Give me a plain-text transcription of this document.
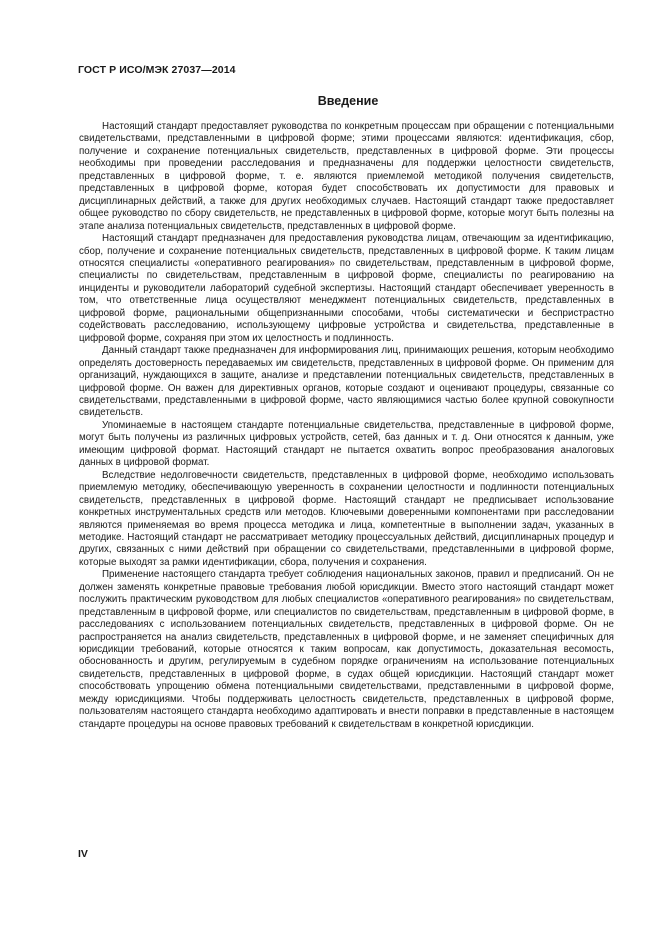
ГОСТ Р ИСО/МЭК 27037—2014
Введение

Настоящий стандарт предоставляет руководства по конкретным процессам при обращении с потенциальными свидетельствами, представленными в цифровой форме; этими процессами являются: идентификация, сбор, получение и сохранение потенциальных свидетельств, представленных в цифровой форме. Эти процессы необходимы при проведении расследования и предназначены для поддержки целостности свидетельств, представленных в цифровой форме, т. е. являются приемлемой методикой получения свидетельств, представленных в цифровой форме, которая будет способствовать их допустимости для правовых и дисциплинарных действий, а также для других необходимых случаев. Настоящий стандарт также предоставляет общее руководство по сбору свидетельств, не представленных в цифровой форме, которые могут быть полезны на этапе анализа потенциальных свидетельств, представленных в цифровой форме.

Настоящий стандарт предназначен для предоставления руководства лицам, отвечающим за идентификацию, сбор, получение и сохранение потенциальных свидетельств, представленных в цифровой форме. К таким лицам относятся специалисты «оперативного реагирования» по свидетельствам, представленным в цифровой форме, специалисты по свидетельствам, представленным в цифровой форме, специалисты по реагированию на инциденты и руководители лабораторий судебной экспертизы. Настоящий стандарт обеспечивает уверенность в том, что ответственные лица осуществляют менеджмент потенциальных свидетельств, представленных в цифровой форме, рациональными общепризнанными способами, чтобы систематически и беспристрастно содействовать расследованию, использующему цифровые устройства и свидетельства, представленные в цифровой форме, сохраняя при этом их целостность и подлинность.

Данный стандарт также предназначен для информирования лиц, принимающих решения, которым необходимо определять достоверность передаваемых им свидетельств, представленных в цифровой форме. Он применим для организаций, нуждающихся в защите, анализе и представлении потенциальных свидетельств, представленных в цифровой форме. Он важен для директивных органов, которые создают и оценивают процедуры, связанные со свидетельствами, представленными в цифровой форме, часто являющимися частью более крупной совокупности свидетельств.

Упоминаемые в настоящем стандарте потенциальные свидетельства, представленные в цифровой форме, могут быть получены из различных цифровых устройств, сетей, баз данных и т. д. Они относятся к данным, уже имеющим цифровой формат. Настоящий стандарт не пытается охватить вопрос преобразования аналоговых данных в цифровой формат.

Вследствие недолговечности свидетельств, представленных в цифровой форме, необходимо использовать приемлемую методику, обеспечивающую уверенность в сохранении целостности и подлинности потенциальных свидетельств, представленных в цифровой форме. Настоящий стандарт не предписывает использование конкретных инструментальных средств или методов. Ключевыми доверенными компонентами при расследовании являются применяемая во время процесса методика и лица, компетентные в выполнении задач, указанных в методике. Настоящий стандарт не рассматривает методику процессуальных действий, дисциплинарных процедур и других, связанных с ними действий при обращении со свидетельствами, представленными в цифровой форме, которые выходят за рамки идентификации, сбора, получения и сохранения.

Применение настоящего стандарта требует соблюдения национальных законов, правил и предписаний. Он не должен заменять конкретные правовые требования любой юрисдикции. Вместо этого настоящий стандарт может послужить практическим руководством для любых специалистов «оперативного реагирования» по свидетельствам, представленным в цифровой форме, или специалистов по свидетельствам, представленным в цифровой форме, в расследованиях с использованием потенциальных свидетельств, представленных в цифровой форме. Он не распространяется на анализ свидетельств, представленных в цифровой форме, и не заменяет специфичных для юрисдикции требований, которые относятся к таким вопросам, как допустимость, доказательная весомость, обоснованность и другим, регулируемым в судебном порядке ограничениям на использование потенциальных свидетельств, представленных в цифровой форме, в судах общей юрисдикции. Настоящий стандарт может способствовать упрощению обмена потенциальными свидетельствами, представленными в цифровой форме, между юрисдикциями. Чтобы поддерживать целостность свидетельств, представленных в цифровой форме, пользователям настоящего стандарта необходимо адаптировать и внести поправки в представленные в настоящем стандарте процедуры на основе правовых требований к свидетельствам в конкретной юрисдикции.

IV
